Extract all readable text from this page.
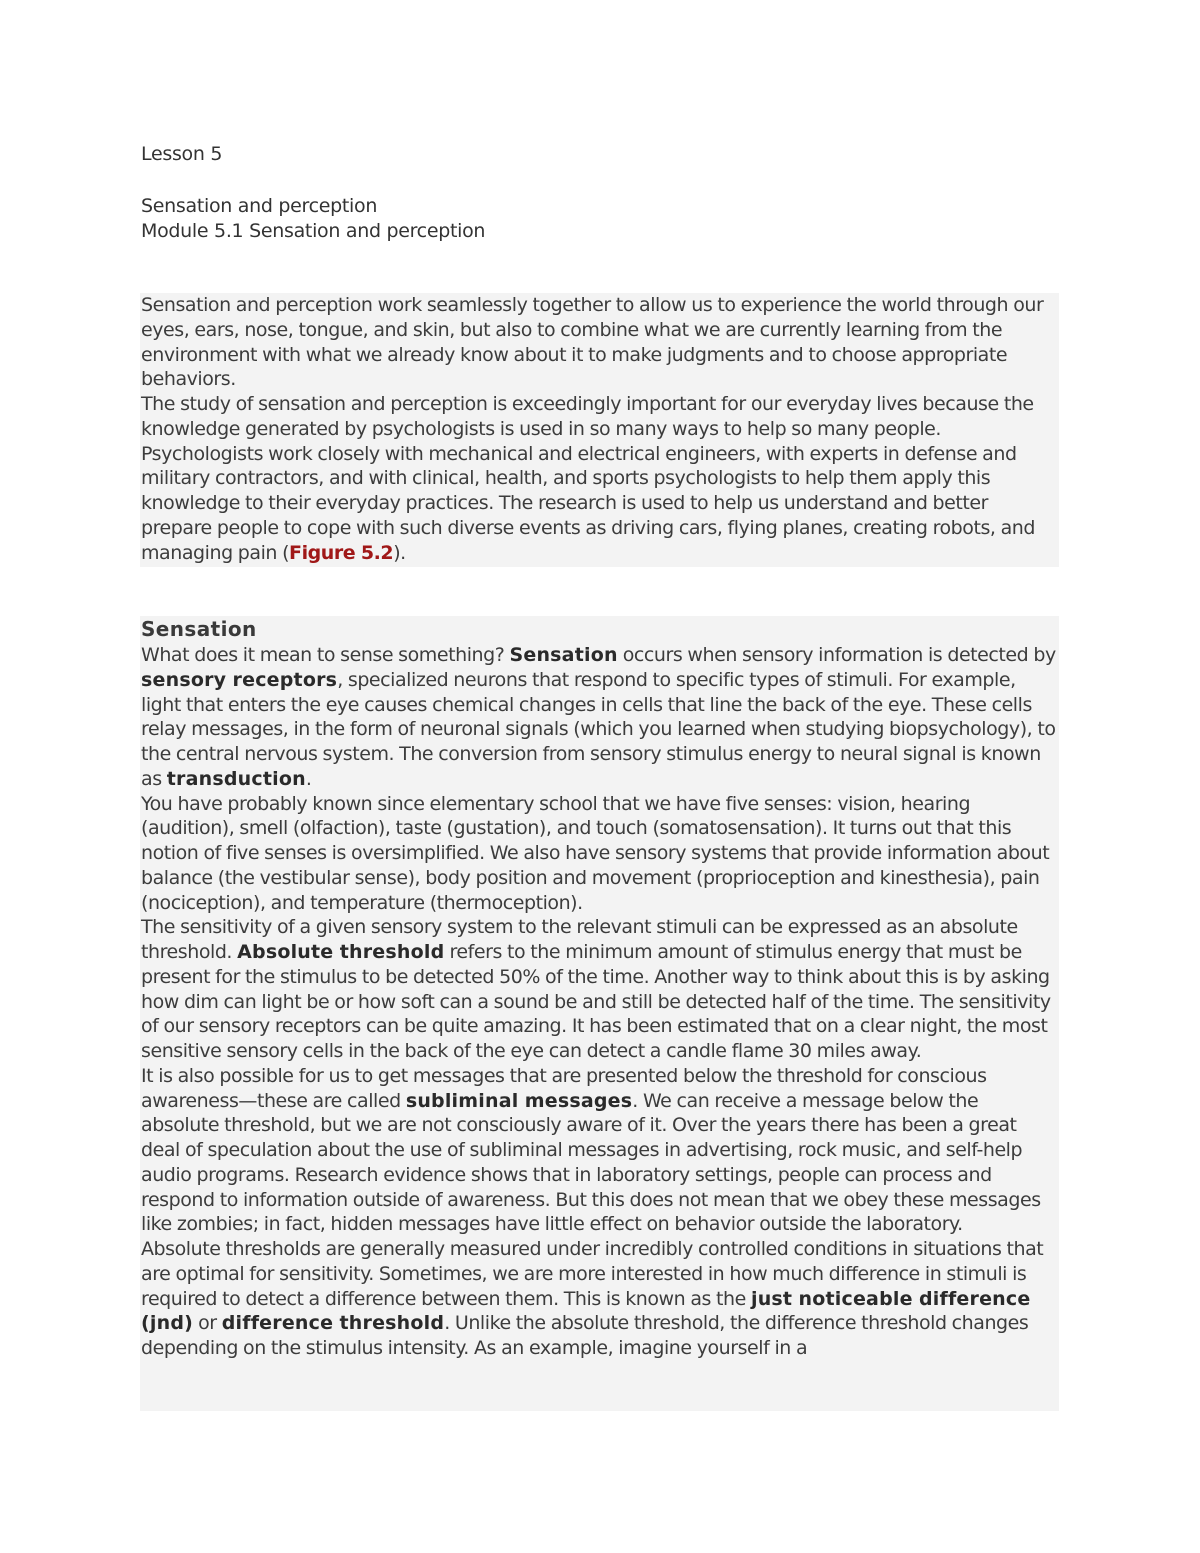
Lesson 5
Sensation and perception
Module 5.1 Sensation and perception

Sensation and perception work seamlessly together to allow us to experience the world through our eyes, ears, nose, tongue, and skin, but also to combine what we are currently learning from the environment with what we already know about it to make judgments and to choose appropriate behaviors.

The study of sensation and perception is exceedingly important for our everyday lives because the knowledge generated by psychologists is used in so many ways to help so many people. Psychologists work closely with mechanical and electrical engineers, with experts in defense and military contractors, and with clinical, health, and sports psychologists to help them apply this knowledge to their everyday practices. The research is used to help us understand and better prepare people to cope with such diverse events as driving cars, flying planes, creating robots, and managing pain (Figure 5.2).

Sensation

What does it mean to sense something? Sensation occurs when sensory information is detected by sensory receptors, specialized neurons that respond to specific types of stimuli. For example, light that enters the eye causes chemical changes in cells that line the back of the eye. These cells relay messages, in the form of neuronal signals (which you learned when studying biopsychology), to the central nervous system. The conversion from sensory stimulus energy to neural signal is known as transduction.

You have probably known since elementary school that we have five senses: vision, hearing (audition), smell (olfaction), taste (gustation), and touch (somatosensation). It turns out that this notion of five senses is oversimplified. We also have sensory systems that provide information about balance (the vestibular sense), body position and movement (proprioception and kinesthesia), pain (nociception), and temperature (thermoception).

The sensitivity of a given sensory system to the relevant stimuli can be expressed as an absolute threshold. Absolute threshold refers to the minimum amount of stimulus energy that must be present for the stimulus to be detected 50% of the time. Another way to think about this is by asking how dim can light be or how soft can a sound be and still be detected half of the time. The sensitivity of our sensory receptors can be quite amazing. It has been estimated that on a clear night, the most sensitive sensory cells in the back of the eye can detect a candle flame 30 miles away.

It is also possible for us to get messages that are presented below the threshold for conscious awareness—these are called subliminal messages. We can receive a message below the absolute threshold, but we are not consciously aware of it. Over the years there has been a great deal of speculation about the use of subliminal messages in advertising, rock music, and self-help audio programs. Research evidence shows that in laboratory settings, people can process and respond to information outside of awareness. But this does not mean that we obey these messages like zombies; in fact, hidden messages have little effect on behavior outside the laboratory.

Absolute thresholds are generally measured under incredibly controlled conditions in situations that are optimal for sensitivity. Sometimes, we are more interested in how much difference in stimuli is required to detect a difference between them. This is known as the just noticeable difference (jnd) or difference threshold. Unlike the absolute threshold, the difference threshold changes depending on the stimulus intensity. As an example, imagine yourself in a
